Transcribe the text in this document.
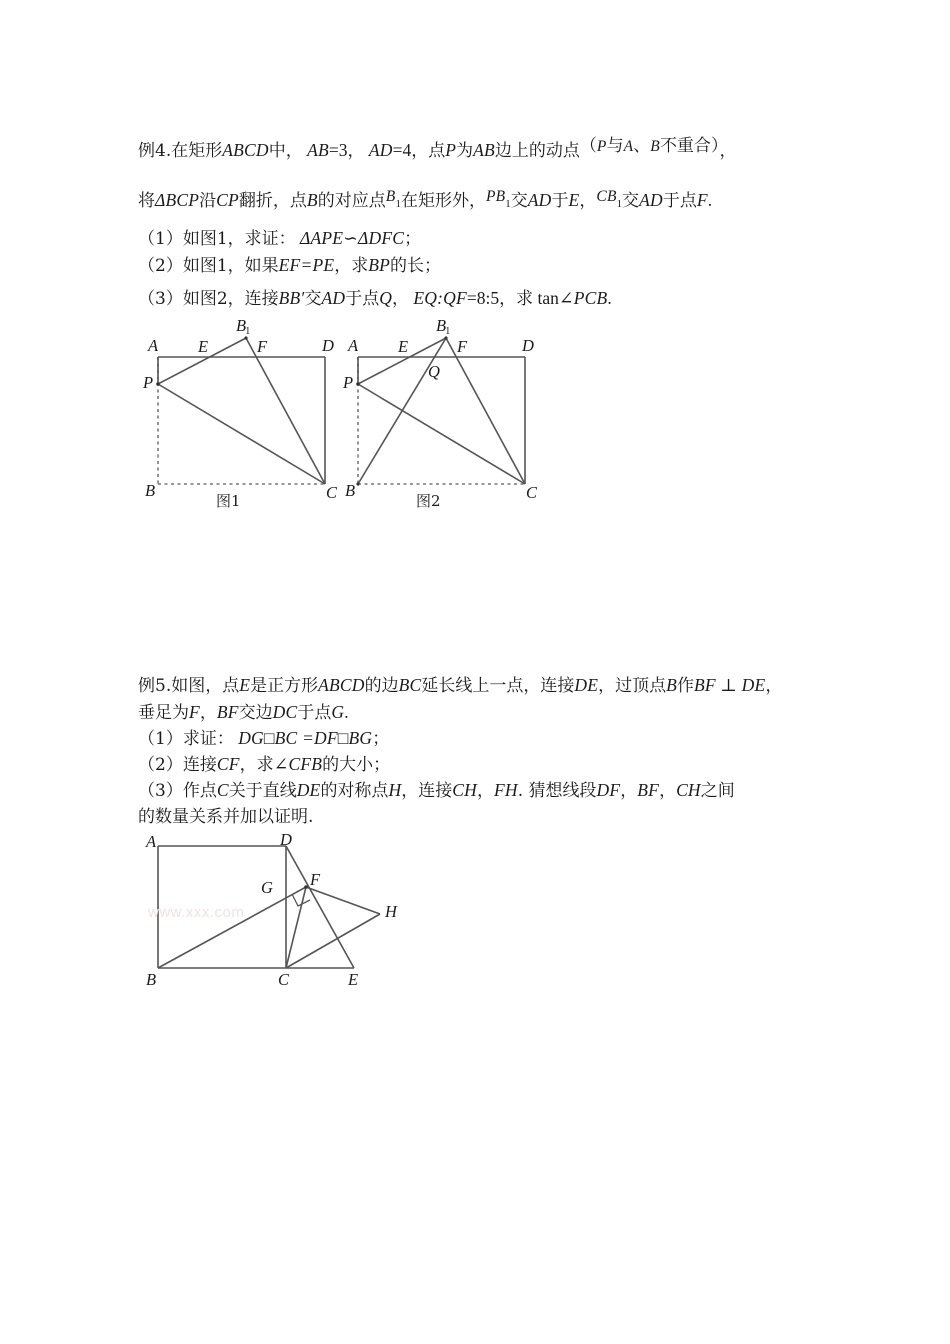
例4.在矩形ABCD中， AB=3， AD=4，点P为AB边上的动点（P与A、B不重合），
将ΔBCP沿CP翻折，点B的对应点$B_1$在矩形外，$PB_1$交AD于E，$CB_1$交AD于点F.
（1）如图1，求证： ΔAPE∽ΔDFC；
（2）如图1，如果EF=PE，求BP的长；
（3）如图2，连接BB′交AD于点Q， EQ:QF=8:5，求 tan∠PCB.
A E	F	D
B1
P
B	C
图1
A E	F	D
B1
P
Q
B	C
图2
例5.如图，点E是正方形ABCD的边BC延长线上一点，连接DE，过顶点B作BF ⊥ DE，
垂足为F，BF交边DC于点G.
（1）求证： DG□BC =DF□BG；
（2）连接CF，求∠CFB的大小；
（3）作点C关于直线DE的对称点H，连接CH，FH. 猜想线段DF，BF，CH之间
的数量关系并加以证明.
www.xxx.com
A	D
G F
H
B	C	E
